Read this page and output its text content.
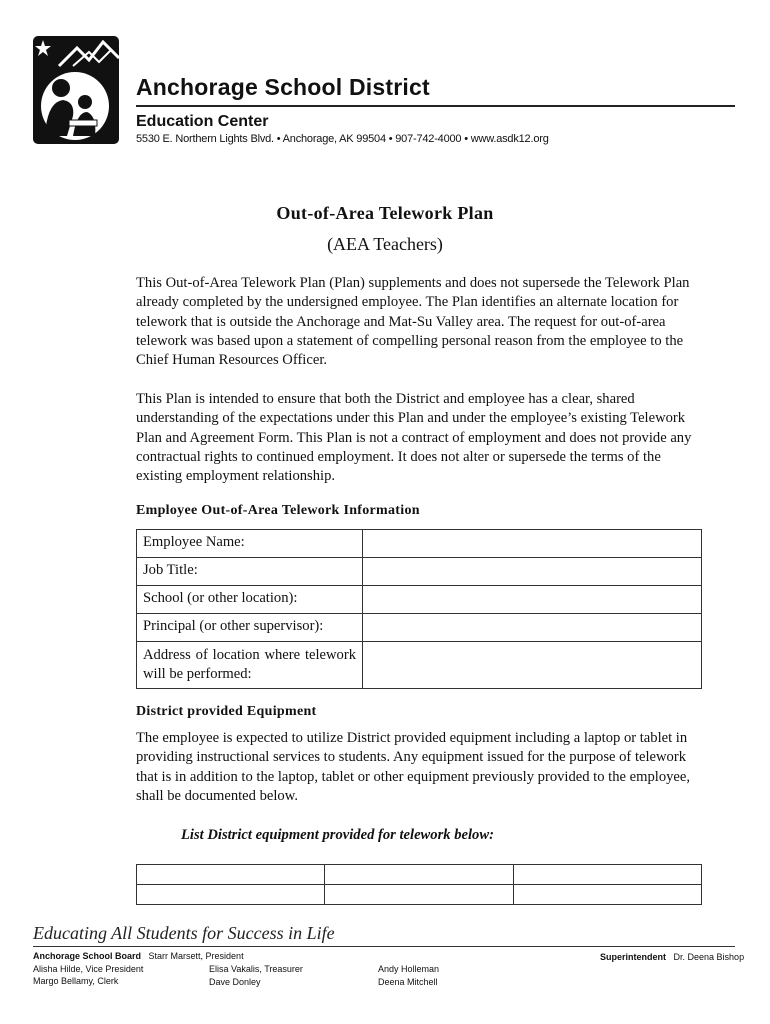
Anchorage School District
Education Center
5530 E. Northern Lights Blvd. • Anchorage, AK 99504 • 907-742-4000 • www.asdk12.org
Out-of-Area Telework Plan
(AEA Teachers)
This Out-of-Area Telework Plan (Plan) supplements and does not supersede the Telework Plan already completed by the undersigned employee. The Plan identifies an alternate location for telework that is outside the Anchorage and Mat-Su Valley area. The request for out-of-area telework was based upon a statement of compelling personal reason from the employee to the Chief Human Resources Officer.
This Plan is intended to ensure that both the District and employee has a clear, shared understanding of the expectations under this Plan and under the employee’s existing Telework Plan and Agreement Form. This Plan is not a contract of employment and does not provide any contractual rights to continued employment. It does not alter or supersede the terms of the existing employment relationship.
Employee Out-of-Area Telework Information
Employee Name:	
Job Title:	
School (or other location):	
Principal (or other supervisor):	
Address of location where telework will be performed:	
District provided Equipment
The employee is expected to utilize District provided equipment including a laptop or tablet in providing instructional services to students. Any equipment issued for the purpose of telework that is in addition to the laptop, tablet or other equipment previously provided to the employee, shall be documented below.
List District equipment provided for telework below:

Educating All Students for Success in Life
Anchorage School Board Starr Marsett, President
Alisha Hilde, Vice President
Margo Bellamy, Clerk
Elisa Vakalis, Treasurer
Dave Donley
Andy Holleman
Deena Mitchell
Superintendent Dr. Deena Bishop
